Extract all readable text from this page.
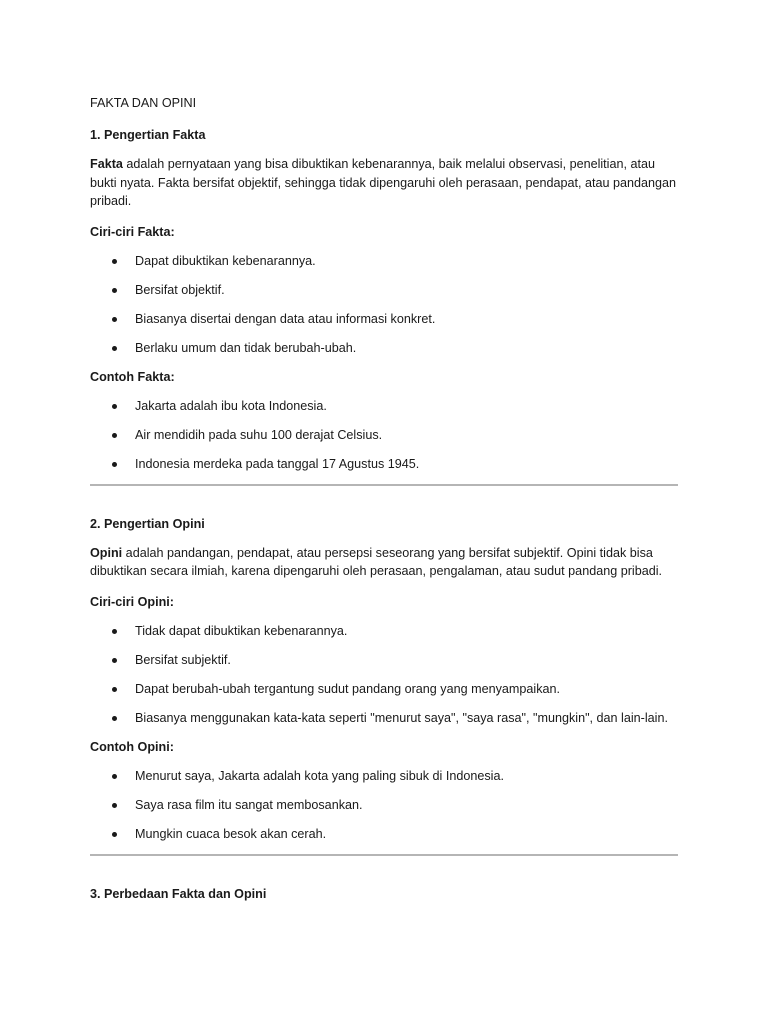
FAKTA DAN OPINI
1. Pengertian Fakta

Fakta adalah pernyataan yang bisa dibuktikan kebenarannya, baik melalui observasi, penelitian, atau bukti nyata. Fakta bersifat objektif, sehingga tidak dipengaruhi oleh perasaan, pendapat, atau pandangan pribadi.

Ciri-ciri Fakta:
Dapat dibuktikan kebenarannya.
Bersifat objektif.
Biasanya disertai dengan data atau informasi konkret.
Berlaku umum dan tidak berubah-ubah.
Contoh Fakta:
Jakarta adalah ibu kota Indonesia.
Air mendidih pada suhu 100 derajat Celsius.
Indonesia merdeka pada tanggal 17 Agustus 1945.
2. Pengertian Opini

Opini adalah pandangan, pendapat, atau persepsi seseorang yang bersifat subjektif. Opini tidak bisa dibuktikan secara ilmiah, karena dipengaruhi oleh perasaan, pengalaman, atau sudut pandang pribadi.

Ciri-ciri Opini:
Tidak dapat dibuktikan kebenarannya.
Bersifat subjektif.
Dapat berubah-ubah tergantung sudut pandang orang yang menyampaikan.
Biasanya menggunakan kata-kata seperti "menurut saya", "saya rasa", "mungkin", dan lain-lain.
Contoh Opini:
Menurut saya, Jakarta adalah kota yang paling sibuk di Indonesia.
Saya rasa film itu sangat membosankan.
Mungkin cuaca besok akan cerah.
3. Perbedaan Fakta dan Opini
